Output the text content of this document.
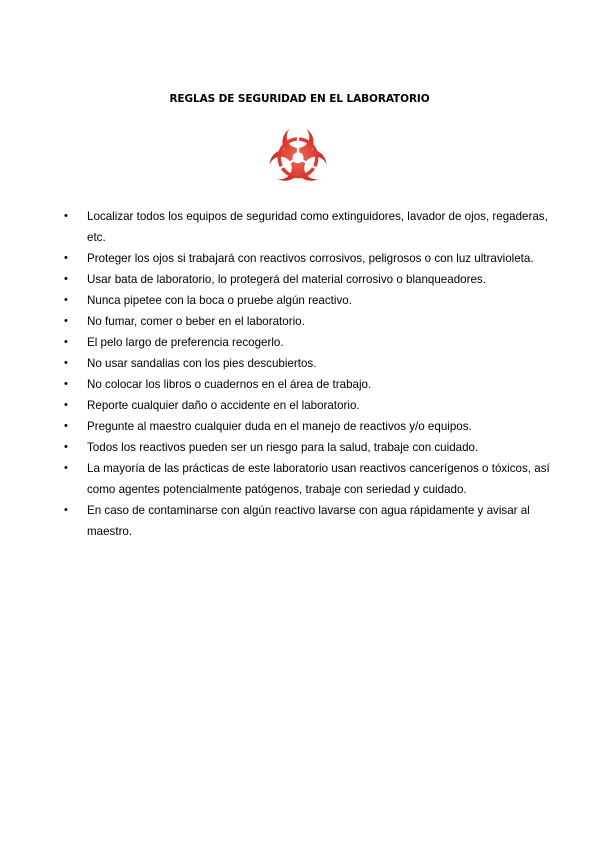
REGLAS DE SEGURIDAD EN EL LABORATORIO
• Localizar todos los equipos de seguridad como extinguidores, lavador de ojos, regaderas, etc.
• Proteger los ojos si trabajará con reactivos corrosivos, peligrosos o con luz ultravioleta.
• Usar bata de laboratorio, lo protegerá del material corrosivo o blanqueadores.
• Nunca pipetee con la boca o pruebe algún reactivo.
• No fumar, comer o beber en el laboratorio.
• El pelo largo de preferencia recogerlo.
• No usar sandalias con los pies descubiertos.
• No colocar los libros o cuadernos en el área de trabajo.
• Reporte cualquier daño o accidente en el laboratorio.
• Pregunte al maestro cualquier duda en el manejo de reactivos y/o equipos.
• Todos los reactivos pueden ser un riesgo para la salud, trabaje con cuidado.
• La mayoría de las prácticas de este laboratorio usan reactivos cancerígenos o tóxicos, así como agentes potencialmente patógenos, trabaje con seriedad y cuidado.
• En caso de contaminarse con algún reactivo lavarse con agua rápidamente y avisar al maestro.
